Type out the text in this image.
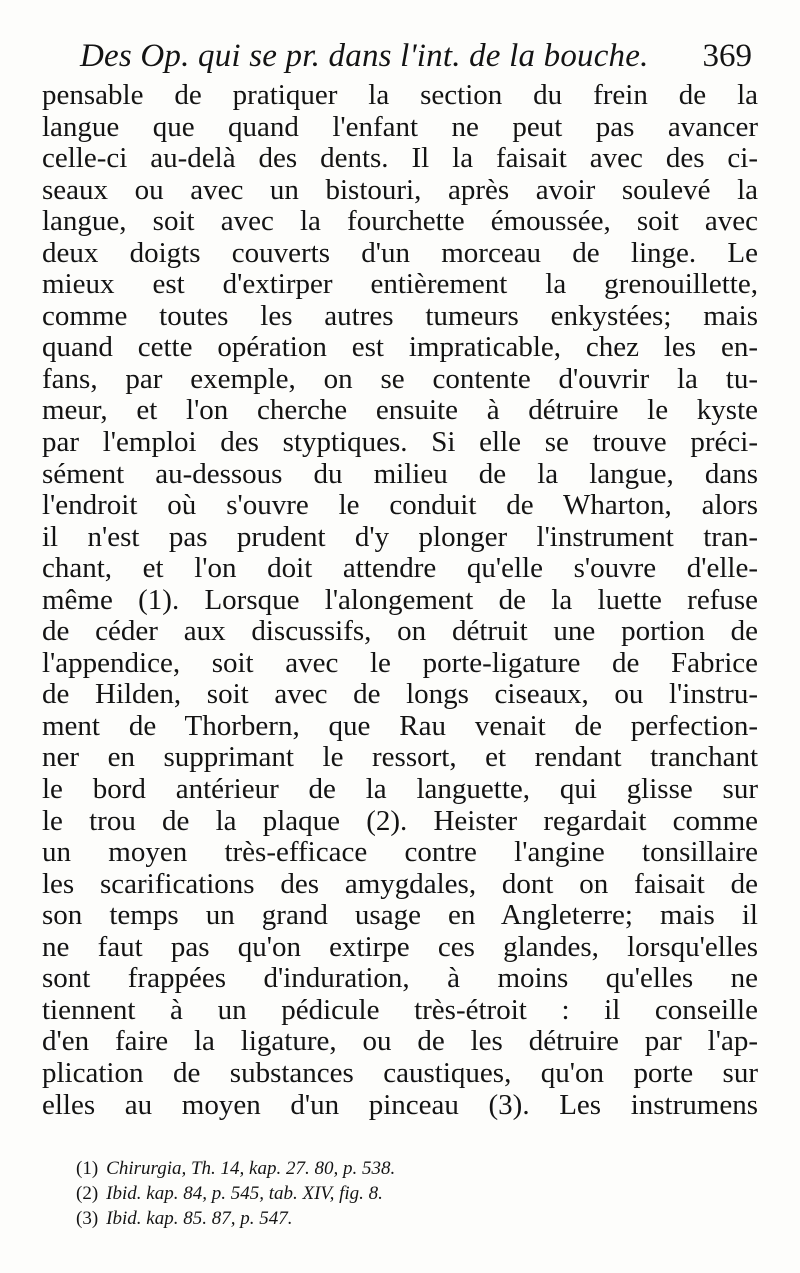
Des Op. qui se pr. dans l'int. de la bouche. 369
pensable de pratiquer la section du frein de la
langue que quand l'enfant ne peut pas avancer
celle-ci au-delà des dents. Il la faisait avec des ci-
seaux ou avec un bistouri, après avoir soulevé la
langue, soit avec la fourchette émoussée, soit avec
deux doigts couverts d'un morceau de linge. Le
mieux est d'extirper entièrement la grenouillette,
comme toutes les autres tumeurs enkystées; mais
quand cette opération est impraticable, chez les en-
fans, par exemple, on se contente d'ouvrir la tu-
meur, et l'on cherche ensuite à détruire le kyste
par l'emploi des styptiques. Si elle se trouve préci-
sément au-dessous du milieu de la langue, dans
l'endroit où s'ouvre le conduit de Wharton, alors
il n'est pas prudent d'y plonger l'instrument tran-
chant, et l'on doit attendre qu'elle s'ouvre d'elle-
même (1). Lorsque l'alongement de la luette refuse
de céder aux discussifs, on détruit une portion de
l'appendice, soit avec le porte-ligature de Fabrice
de Hilden, soit avec de longs ciseaux, ou l'instru-
ment de Thorbern, que Rau venait de perfection-
ner en supprimant le ressort, et rendant tranchant
le bord antérieur de la languette, qui glisse sur
le trou de la plaque (2). Heister regardait comme
un moyen très-efficace contre l'angine tonsillaire
les scarifications des amygdales, dont on faisait de
son temps un grand usage en Angleterre; mais il
ne faut pas qu'on extirpe ces glandes, lorsqu'elles
sont frappées d'induration, à moins qu'elles ne
tiennent à un pédicule très-étroit : il conseille
d'en faire la ligature, ou de les détruire par l'ap-
plication de substances caustiques, qu'on porte sur
elles au moyen d'un pinceau (3). Les instrumens
(1) Chirurgia, Th. 14, kap. 27. 80, p. 538.
(2) Ibid. kap. 84, p. 545, tab. XIV, fig. 8.
(3) Ibid. kap. 85. 87, p. 547.
